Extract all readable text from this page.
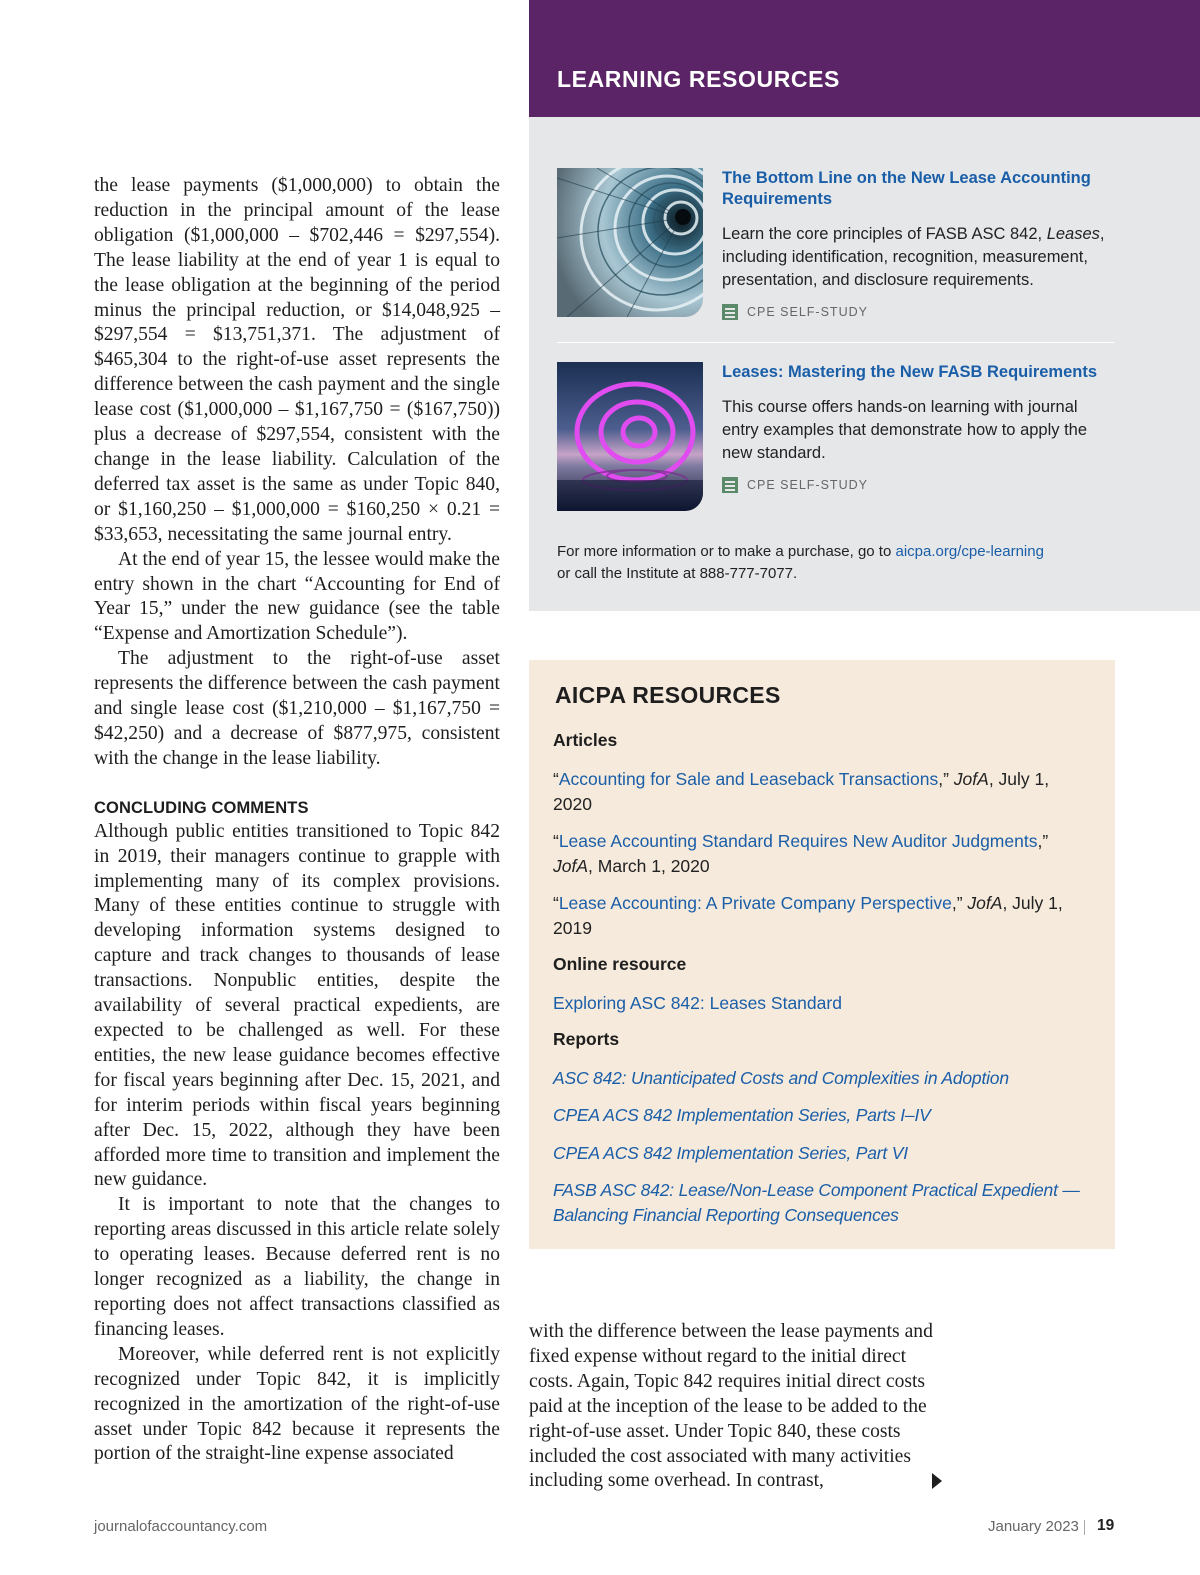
the lease payments ($1,000,000) to obtain the reduction in the principal amount of the lease obligation ($1,000,000 – $702,446 = $297,554). The lease liability at the end of year 1 is equal to the lease obligation at the beginning of the period minus the principal reduction, or $14,048,925 – $297,554 = $13,751,371. The adjustment of $465,304 to the right-of-use asset represents the difference between the cash payment and the single lease cost ($1,000,000 – $1,167,750 = ($167,750)) plus a decrease of $297,554, consistent with the change in the lease liability. Calculation of the deferred tax asset is the same as under Topic 840, or $1,160,250 – $1,000,000 = $160,250 × 0.21 = $33,653, necessitating the same journal entry.

At the end of year 15, the lessee would make the entry shown in the chart “Accounting for End of Year 15,” under the new guidance (see the table “Expense and Amortization Schedule”).

The adjustment to the right-of-use asset represents the difference between the cash payment and single lease cost ($1,210,000 – $1,167,750 = $42,250) and a decrease of $877,975, consistent with the change in the lease liability.

CONCLUDING COMMENTS

Although public entities transitioned to Topic 842 in 2019, their managers continue to grapple with implementing many of its complex provisions. Many of these entities continue to struggle with developing information systems designed to capture and track changes to thousands of lease transactions. Nonpublic entities, despite the availability of several practical expedients, are expected to be challenged as well. For these entities, the new lease guidance becomes effective for fiscal years beginning after Dec. 15, 2021, and for interim periods within fiscal years beginning after Dec. 15, 2022, although they have been afforded more time to transition and implement the new guidance.

It is important to note that the changes to reporting areas discussed in this article relate solely to operating leases. Because deferred rent is no longer recognized as a liability, the change in reporting does not affect transactions classified as financing leases.

Moreover, while deferred rent is not explicitly recognized under Topic 842, it is implicitly recognized in the amortization of the right-of-use asset under Topic 842 because it represents the portion of the straight-line expense associated

LEARNING RESOURCES

The Bottom Line on the New Lease Accounting Requirements

Learn the core principles of FASB ASC 842, Leases, including identification, recognition, measurement, presentation, and disclosure requirements.

CPE SELF-STUDY

Leases: Mastering the New FASB Requirements

This course offers hands-on learning with journal entry examples that demonstrate how to apply the new standard.

CPE SELF-STUDY

For more information or to make a purchase, go to aicpa.org/cpe-learning
or call the Institute at 888-777-7077.

AICPA RESOURCES

Articles

“Accounting for Sale and Leaseback Transactions,” JofA, July 1, 2020

“Lease Accounting Standard Requires New Auditor Judgments,” JofA, March 1, 2020

“Lease Accounting: A Private Company Perspective,” JofA, July 1, 2019

Online resource

Exploring ASC 842: Leases Standard

Reports

ASC 842: Unanticipated Costs and Complexities in Adoption

CPEA ACS 842 Implementation Series, Parts I–IV

CPEA ACS 842 Implementation Series, Part VI

FASB ASC 842: Lease/Non-Lease Component Practical Expedient — Balancing Financial Reporting Consequences

with the difference between the lease payments and fixed expense without regard to the initial direct costs. Again, Topic 842 requires initial direct costs paid at the inception of the lease to be added to the right-of-use asset. Under Topic 840, these costs included the cost associated with many activities including some overhead. In contrast,

journalofaccountancy.com	January 2023 19
